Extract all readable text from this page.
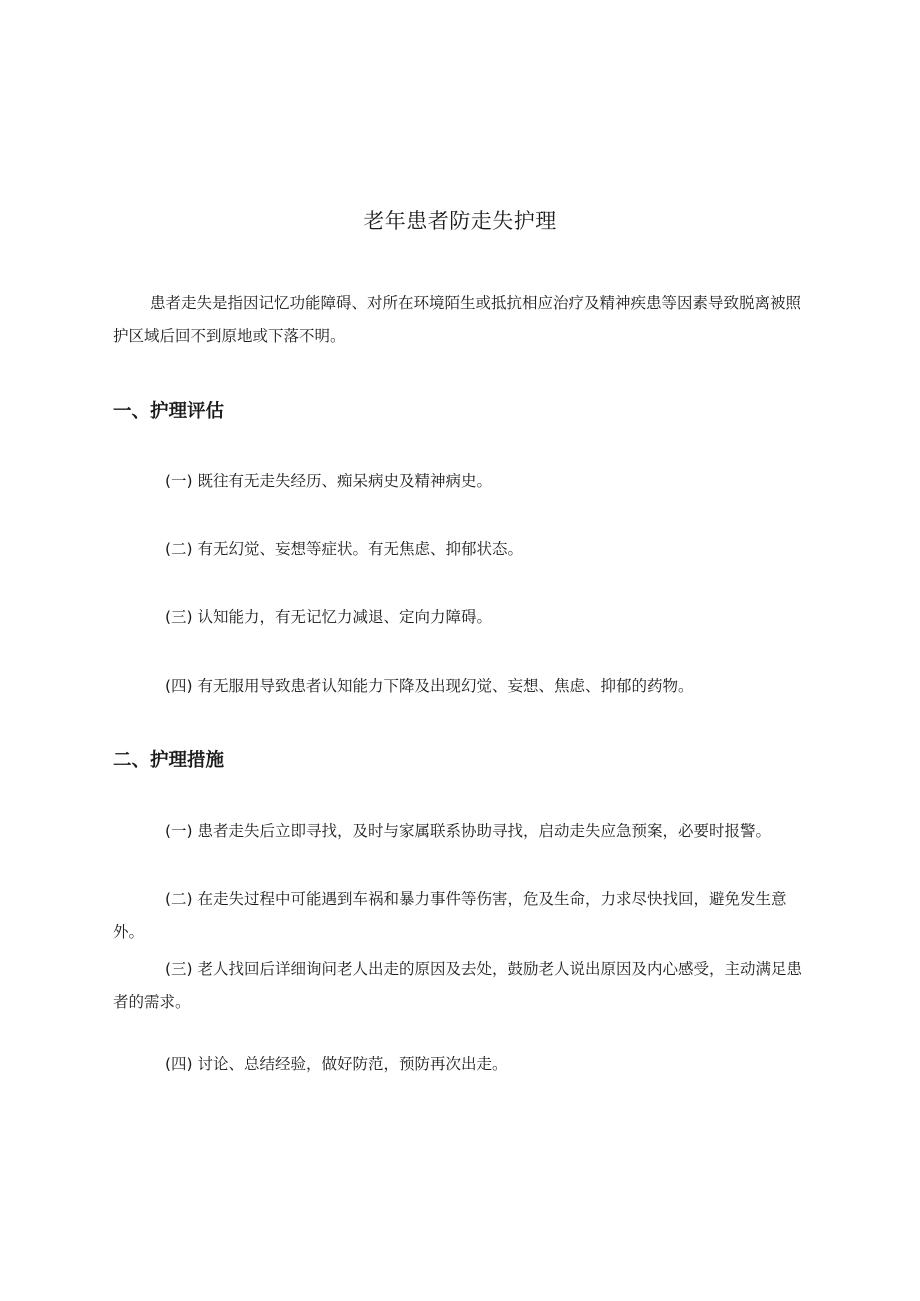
老年患者防走失护理

患者走失是指因记忆功能障碍、对所在环境陌生或抵抗相应治疗及精神疾患等因素导致脱离被照护区域后回不到原地或下落不明。

一、护理评估

(一) 既往有无走失经历、痴呆病史及精神病史。

(二) 有无幻觉、妄想等症状。有无焦虑、抑郁状态。

(三) 认知能力，有无记忆力减退、定向力障碍。

(四) 有无服用导致患者认知能力下降及出现幻觉、妄想、焦虑、抑郁的药物。

二、护理措施

(一) 患者走失后立即寻找，及时与家属联系协助寻找，启动走失应急预案，必要时报警。

(二) 在走失过程中可能遇到车祸和暴力事件等伤害，危及生命，力求尽快找回，避免发生意外。

(三) 老人找回后详细询问老人出走的原因及去处，鼓励老人说出原因及内心感受，主动满足患者的需求。

(四) 讨论、总结经验，做好防范，预防再次出走。
